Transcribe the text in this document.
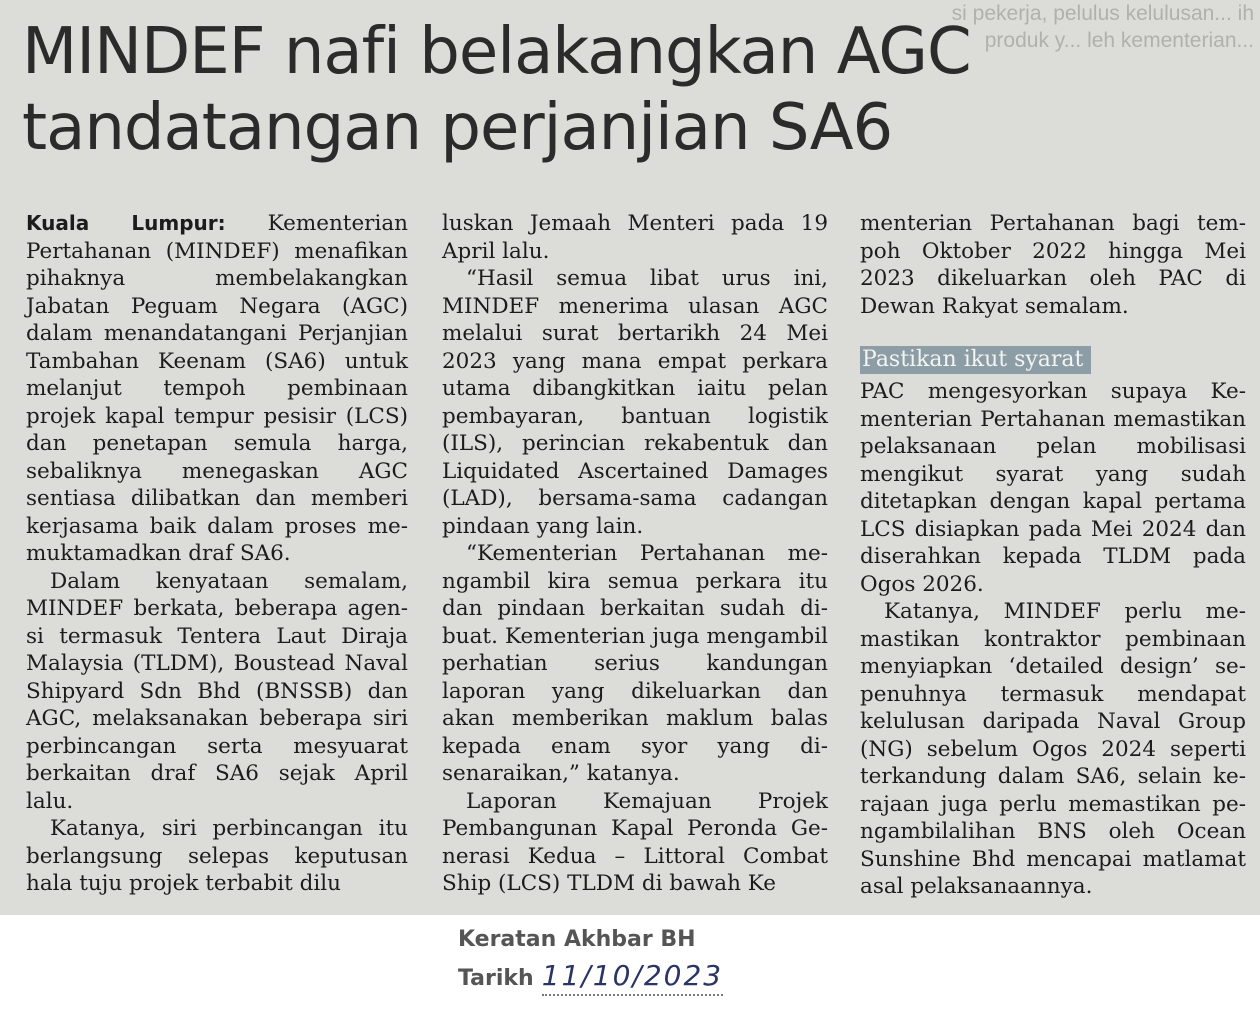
si pekerja, pelulus kelulusan... ih produk y... leh kementerian...
MINDEF nafi belakangkan AGC tandatangan perjanjian SA6

Kuala Lumpur: Kementerian Pertahanan (MINDEF) menafikan pihaknya membelakangkan Jabatan Peguam Negara (AGC) dalam menandatangani Perjanjian Tambahan Keenam (SA6) untuk melanjut tempoh pembinaan projek kapal tempur pesisir (LCS) dan penetapan semula harga, sebaliknya menegaskan AGC sentiasa dilibatkan dan memberi kerjasama baik dalam proses memuktamadkan draf SA6.

Dalam kenyataan semalam, MINDEF berkata, beberapa agensi termasuk Tentera Laut Diraja Malaysia (TLDM), Boustead Naval Shipyard Sdn Bhd (BNSSB) dan AGC, melaksanakan beberapa siri perbincangan serta mesyuarat berkaitan draf SA6 sejak April lalu.

Katanya, siri perbincangan itu berlangsung selepas keputusan hala tuju projek terbabit dilu

luskan Jemaah Menteri pada 19 April lalu.

“Hasil semua libat urus ini, MINDEF menerima ulasan AGC melalui surat bertarikh 24 Mei 2023 yang mana empat perkara utama dibangkitkan iaitu pelan pembayaran, bantuan logistik (ILS), perincian rekabentuk dan Liquidated Ascertained Damages (LAD), bersama-sama cadangan pindaan yang lain.

“Kementerian Pertahanan mengambil kira semua perkara itu dan pindaan berkaitan sudah dibuat. Kementerian juga mengambil perhatian serius kandungan laporan yang dikeluarkan dan akan memberikan maklum balas kepada enam syor yang disenaraikan,” katanya.

Laporan Kemajuan Projek Pembangunan Kapal Peronda Generasi Kedua – Littoral Combat Ship (LCS) TLDM di bawah Ke

menterian Pertahanan bagi tempoh Oktober 2022 hingga Mei 2023 dikeluarkan oleh PAC di Dewan Rakyat semalam.

Pastikan ikut syarat

PAC mengesyorkan supaya Kementerian Pertahanan memastikan pelaksanaan pelan mobilisasi mengikut syarat yang sudah ditetapkan dengan kapal pertama LCS disiapkan pada Mei 2024 dan diserahkan kepada TLDM pada Ogos 2026.

Katanya, MINDEF perlu memastikan kontraktor pembinaan menyiapkan ‘detailed design’ sepenuhnya termasuk mendapat kelulusan daripada Naval Group (NG) sebelum Ogos 2024 seperti terkandung dalam SA6, selain kerajaan juga perlu memastikan pengambilalihan BNS oleh Ocean Sunshine Bhd mencapai matlamat asal pelaksanaannya.

Keratan Akhbar BH
Tarikh 11/10/2023
